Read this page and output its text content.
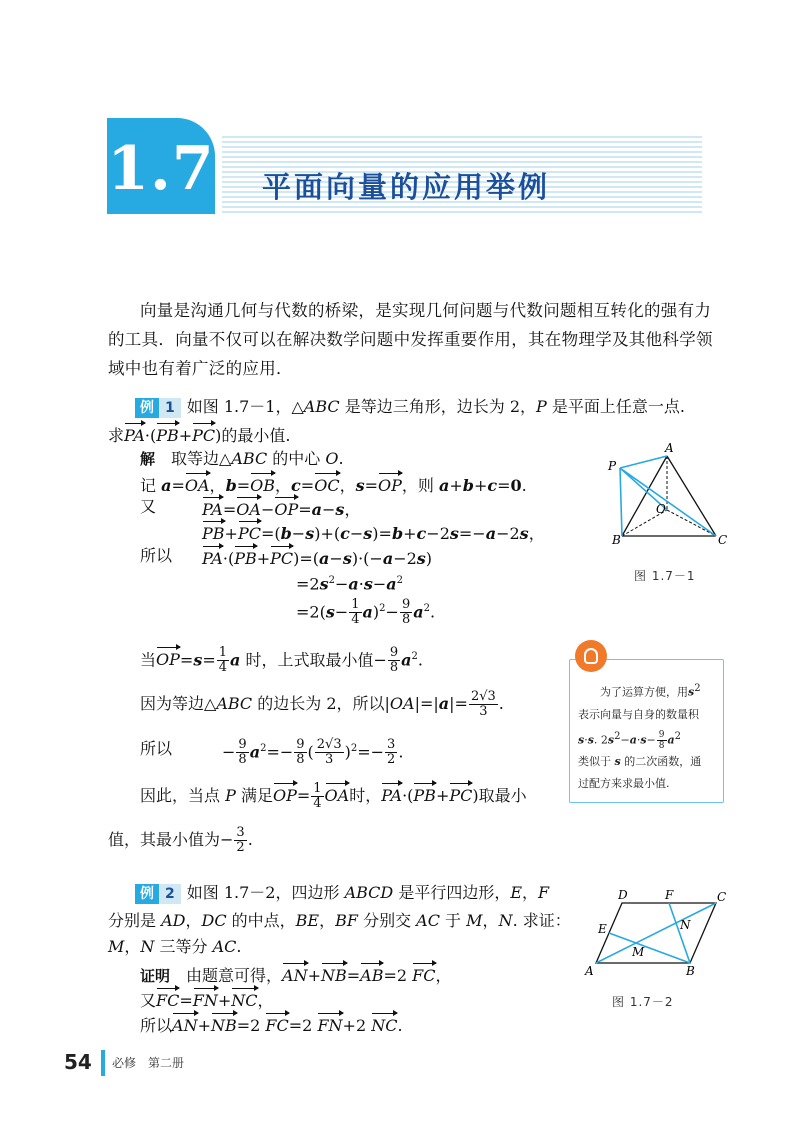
1.7 平面向量的应用举例
向量是沟通几何与代数的桥梁，是实现几何问题与代数问题相互转化的强有力
的工具．向量不仅可以在解决数学问题中发挥重要作用，其在物理学及其他科学领
域中也有着广泛的应用．
例 1 如图 1.7－1，△ABC 是等边三角形，边长为 2，P 是平面上任意一点.
求PA·(PB+PC)的最小值.
解　取等边△ABC 的中心 O.
记 a=OA，b=OB，c=OC，s=OP，则 a+b+c=0.
又	PA=OA−OP=a−s，
PB+PC=(b−s)+(c−s)=b+c−2s=−a−2s，
所以 PA·(PB+PC)=(a−s)·(−a−2s)
$=2s^2-a\cdot s-a^2$
$=2(s- \frac{1}{4} a)^2- \frac{9}{8} a^2$.
当$OP=s= \frac{1}{4}$ a 时，上式取最小值− $\frac{9}{8} a^2$.
因为等边△ABC 的边长为 2，所以$|OA|=|a|= \frac{2√3}{3}$ .
所以	− $\frac{9}{8} a^2=- \frac{9}{8}$ ( $\frac{2√3}{3} )^2=- \frac{3}{2}$ .
因此，当点 P 满足$OP= \frac{1}{4}$ OA时，PA·(PB+PC)取最小
值，其最小值为− $\frac{3}{2}$ .
P
A
O
B	C
图 1.7－1
为了运算方便，用$s^2$
表示向量与自身的数量积
s·s. $2s^2-a\cdot s- \frac{9}{8} a^2$
类似于 s 的二次函数，通
过配方来求最小值.
例 2 如图 1.7－2，四边形 ABCD 是平行四边形，E，F
分别是 AD，DC 的中点，BE，BF 分别交 AC 于 M，N. 求证：
M，N 三等分 AC.
证明　由题意可得，AN+NB=AB=2 FC，
又FC=FN+NC，
所以AN+NB=2 FC=2 FN+2 NC.
D	F	C
E	N
M
A	B
图 1.7－2
54 必修　第二册
